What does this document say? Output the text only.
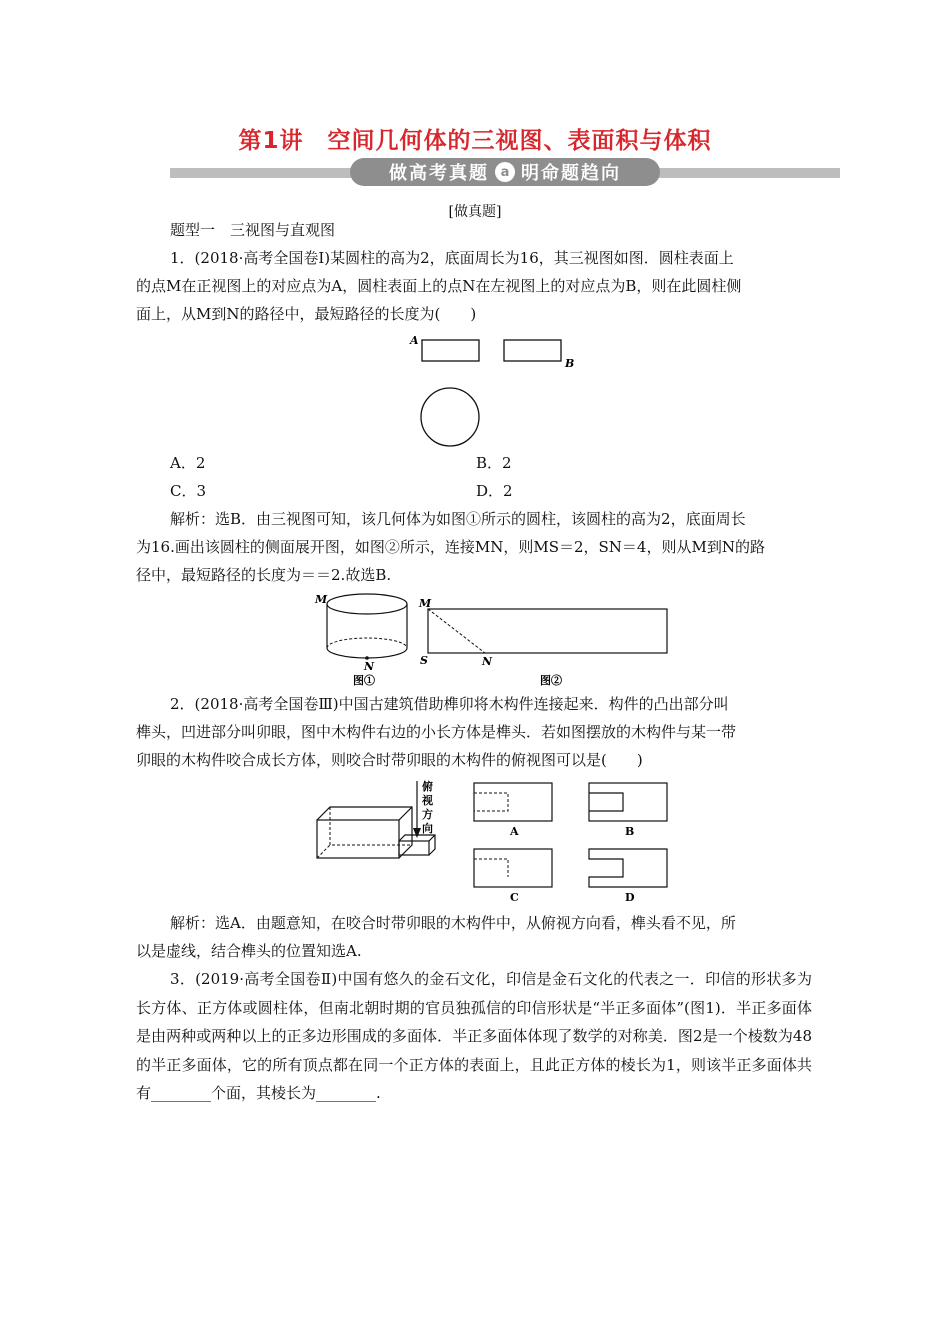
第1讲　空间几何体的三视图、表面积与体积
做高考真题 a 明命题趋向
[做真题]
题型一　三视图与直观图
1．(2018·高考全国卷Ⅰ)某圆柱的高为2，底面周长为16，其三视图如图．圆柱表面上
的点M在正视图上的对应点为A，圆柱表面上的点N在左视图上的对应点为B，则在此圆柱侧
面上，从M到N的路径中，最短路径的长度为(　　)
A
B
A．2	B．2
C．3	D．2
解析：选B．由三视图可知，该几何体为如图①所示的圆柱，该圆柱的高为2，底面周长
为16.画出该圆柱的侧面展开图，如图②所示，连接MN，则MS＝2，SN＝4，则从M到N的路
径中，最短路径的长度为＝＝2.故选B.
M
N
图①
M
S	N
图②
2．(2018·高考全国卷Ⅲ)中国古建筑借助榫卯将木构件连接起来．构件的凸出部分叫
榫头，凹进部分叫卯眼，图中木构件右边的小长方体是榫头．若如图摆放的木构件与某一带
卯眼的木构件咬合成长方体，则咬合时带卯眼的木构件的俯视图可以是(　　)
俯
视
方
向	A	B
C	D
解析：选A．由题意知，在咬合时带卯眼的木构件中，从俯视方向看，榫头看不见，所
以是虚线，结合榫头的位置知选A.
3．(2019·高考全国卷Ⅱ)中国有悠久的金石文化，印信是金石文化的代表之一．印信的形状多为长方体、正方体或圆柱体，但南北朝时期的官员独孤信的印信形状是“半正多面体”(图1)．半正多面体是由两种或两种以上的正多边形围成的多面体．半正多面体体现了数学的对称美．图2是一个棱数为48的半正多面体，它的所有顶点都在同一个正方体的表面上，且此正方体的棱长为1，则该半正多面体共有________个面，其棱长为________.
